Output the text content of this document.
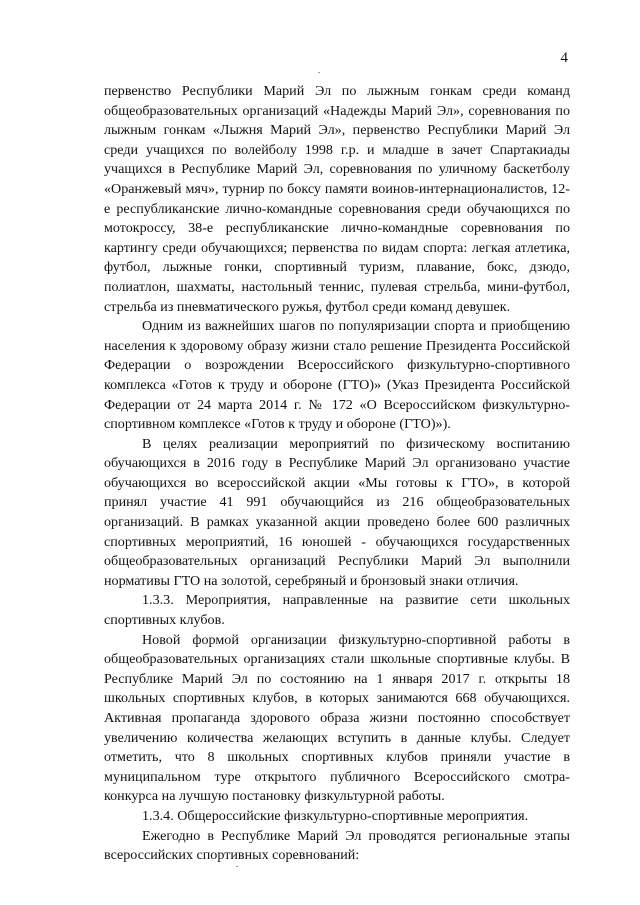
4

первенство Республики Марий Эл по лыжным гонкам среди команд общеобразовательных организаций «Надежды Марий Эл», соревнования по лыжным гонкам «Лыжня Марий Эл», первенство Республики Марий Эл среди учащихся по волейболу 1998 г.р. и младше в зачет Спартакиады учащихся в Республике Марий Эл, соревнования по уличному баскетболу «Оранжевый мяч», турнир по боксу памяти воинов-интернационалистов, 12-е республиканские лично-командные соревнования среди обучающихся по мотокроссу, 38-е республиканские лично-командные соревнования по картингу среди обучающихся; первенства по видам спорта: легкая атлетика, футбол, лыжные гонки, спортивный туризм, плавание, бокс, дзюдо, полиатлон, шахматы, настольный теннис, пулевая стрельба, мини-футбол, стрельба из пневматического ружья, футбол среди команд девушек.

Одним из важнейших шагов по популяризации спорта и приобщению населения к здоровому образу жизни стало решение Президента Российской Федерации о возрождении Всероссийского физкультурно-спортивного комплекса «Готов к труду и обороне (ГТО)» (Указ Президента Российской Федерации от 24 марта 2014 г. № 172 «О Всероссийском физкультурно-спортивном комплексе «Готов к труду и обороне (ГТО)»).

В целях реализации мероприятий по физическому воспитанию обучающихся в 2016 году в Республике Марий Эл организовано участие обучающихся во всероссийской акции «Мы готовы к ГТО», в которой принял участие 41 991 обучающийся из 216 общеобразовательных организаций. В рамках указанной акции проведено более 600 различных спортивных мероприятий, 16 юношей - обучающихся государственных общеобразовательных организаций Республики Марий Эл выполнили нормативы ГТО на золотой, серебряный и бронзовый знаки отличия.

1.3.3. Мероприятия, направленные на развитие сети школьных спортивных клубов.

Новой формой организации физкультурно-спортивной работы в общеобразовательных организациях стали школьные спортивные клубы. В Республике Марий Эл по состоянию на 1 января 2017 г. открыты 18 школьных спортивных клубов, в которых занимаются 668 обучающихся. Активная пропаганда здорового образа жизни постоянно способствует увеличению количества желающих вступить в данные клубы. Следует отметить, что 8 школьных спортивных клубов приняли участие в муниципальном туре открытого публичного Всероссийского смотра-конкурса на лучшую постановку физкультурной работы.

1.3.4. Общероссийские физкультурно-спортивные мероприятия.

Ежегодно в Республике Марий Эл проводятся региональные этапы всероссийских спортивных соревнований:
